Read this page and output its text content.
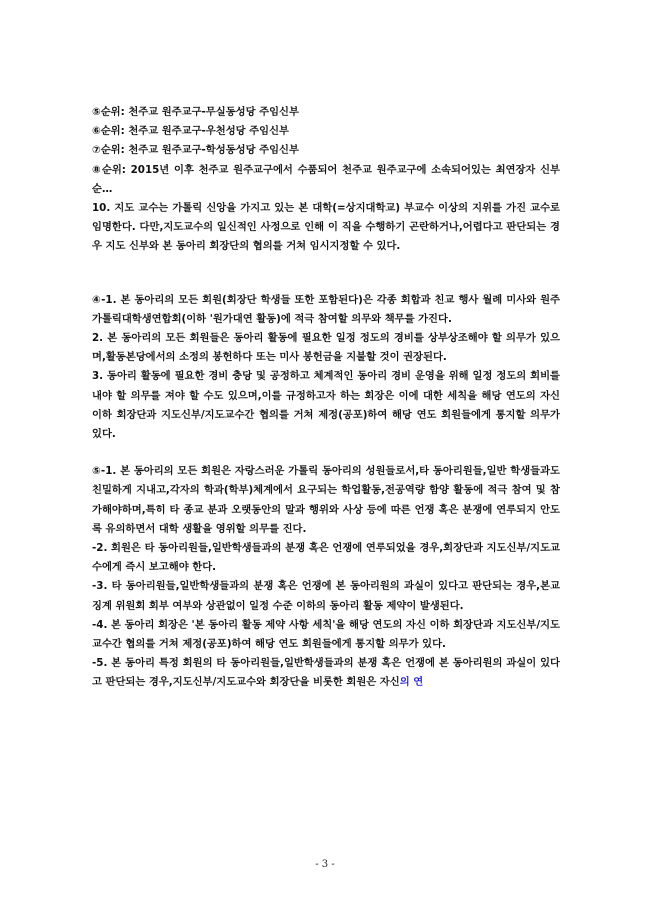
⑤순위: 천주교 원주교구-무실동성당 주임신부

⑥순위: 천주교 원주교구-우천성당 주임신부

⑦순위: 천주교 원주교구-학성동성당 주임신부

⑧순위: 2015년 이후 천주교 원주교구에서 수품되어 천주교 원주교구에 소속되어있는 최연장자 신부순…

10. 지도 교수는 가톨릭 신앙을 가지고 있는 본 대학(=상지대학교) 부교수 이상의 지위를 가진 교수로 임명한다. 다만,지도교수의 일신적인 사정으로 인해 이 직을 수행하기 곤란하거나,어렵다고 판단되는 경우 지도 신부와 본 동아리 회장단의 협의를 거쳐 임시지정할 수 있다.

④-1. 본 동아리의 모든 회원(회장단 학생들 또한 포함된다)은 각종 회합과 친교 행사 월례 미사와 원주가톨릭대학생연합회(이하 '원가대연 활동)에 적극 참여할 의무와 책무를 가진다.

2. 본 동아리의 모든 회원들은 동아리 활동에 필요한 일정 정도의 경비를 상부상조해야 할 의무가 있으며,활동본당에서의 소정의 봉헌하다 또는 미사 봉헌금을 지불할 것이 권장된다.

3. 동아리 활동에 필요한 경비 충당 및 공정하고 체계적인 동아리 경비 운영을 위해 일정 정도의 회비를 내야 할 의무를 져야 할 수도 있으며,이를 규정하고자 하는 회장은 이에 대한 세칙을 해당 연도의 자신 이하 회장단과 지도신부/지도교수간 협의를 거쳐 제정(공포)하여 해당 연도 회원들에게 통지할 의무가 있다.

⑤-1. 본 동아리의 모든 회원은 자랑스러운 가톨릭 동아리의 성원들로서,타 동아리원들,일반 학생들과도 친밀하게 지내고,각자의 학과(학부)체계에서 요구되는 학업활동,전공역량 함양 활동에 적극 참여 및 참가해야하며,특히 타 종교 분과 오랫동안의 말과 행위와 사상 등에 따른 언쟁 혹은 분쟁에 연루되지 안도록 유의하면서 대학 생활을 영위할 의무를 진다.

-2. 회원은 타 동아리원들,일반학생들과의 분쟁 혹은 언쟁에 연루되었을 경우,회장단과 지도신부/지도교수에게 즉시 보고해야 한다.

-3. 타 동아리원들,일반학생들과의 분쟁 혹은 언쟁에 본 동아리원의 과실이 있다고 판단되는 경우,본교 징계 위원회 회부 여부와 상관없이 일정 수준 이하의 동아리 활동 제약이 발생된다.

-4. 본 동아리 회장은 '본 동아리 활동 제약 사항 세칙'을 해당 연도의 자신 이하 회장단과 지도신부/지도교수간 협의를 거쳐 제정(공포)하여 해당 연도 회원들에게 통지할 의무가 있다.

-5. 본 동아리 특정 회원의 타 동아리원들,일반학생들과의 분쟁 혹은 언쟁에 본 동아리원의 과실이 있다고 판단되는 경우,지도신부/지도교수와 회장단을 비롯한 회원은 자신의 연

- 3 -
